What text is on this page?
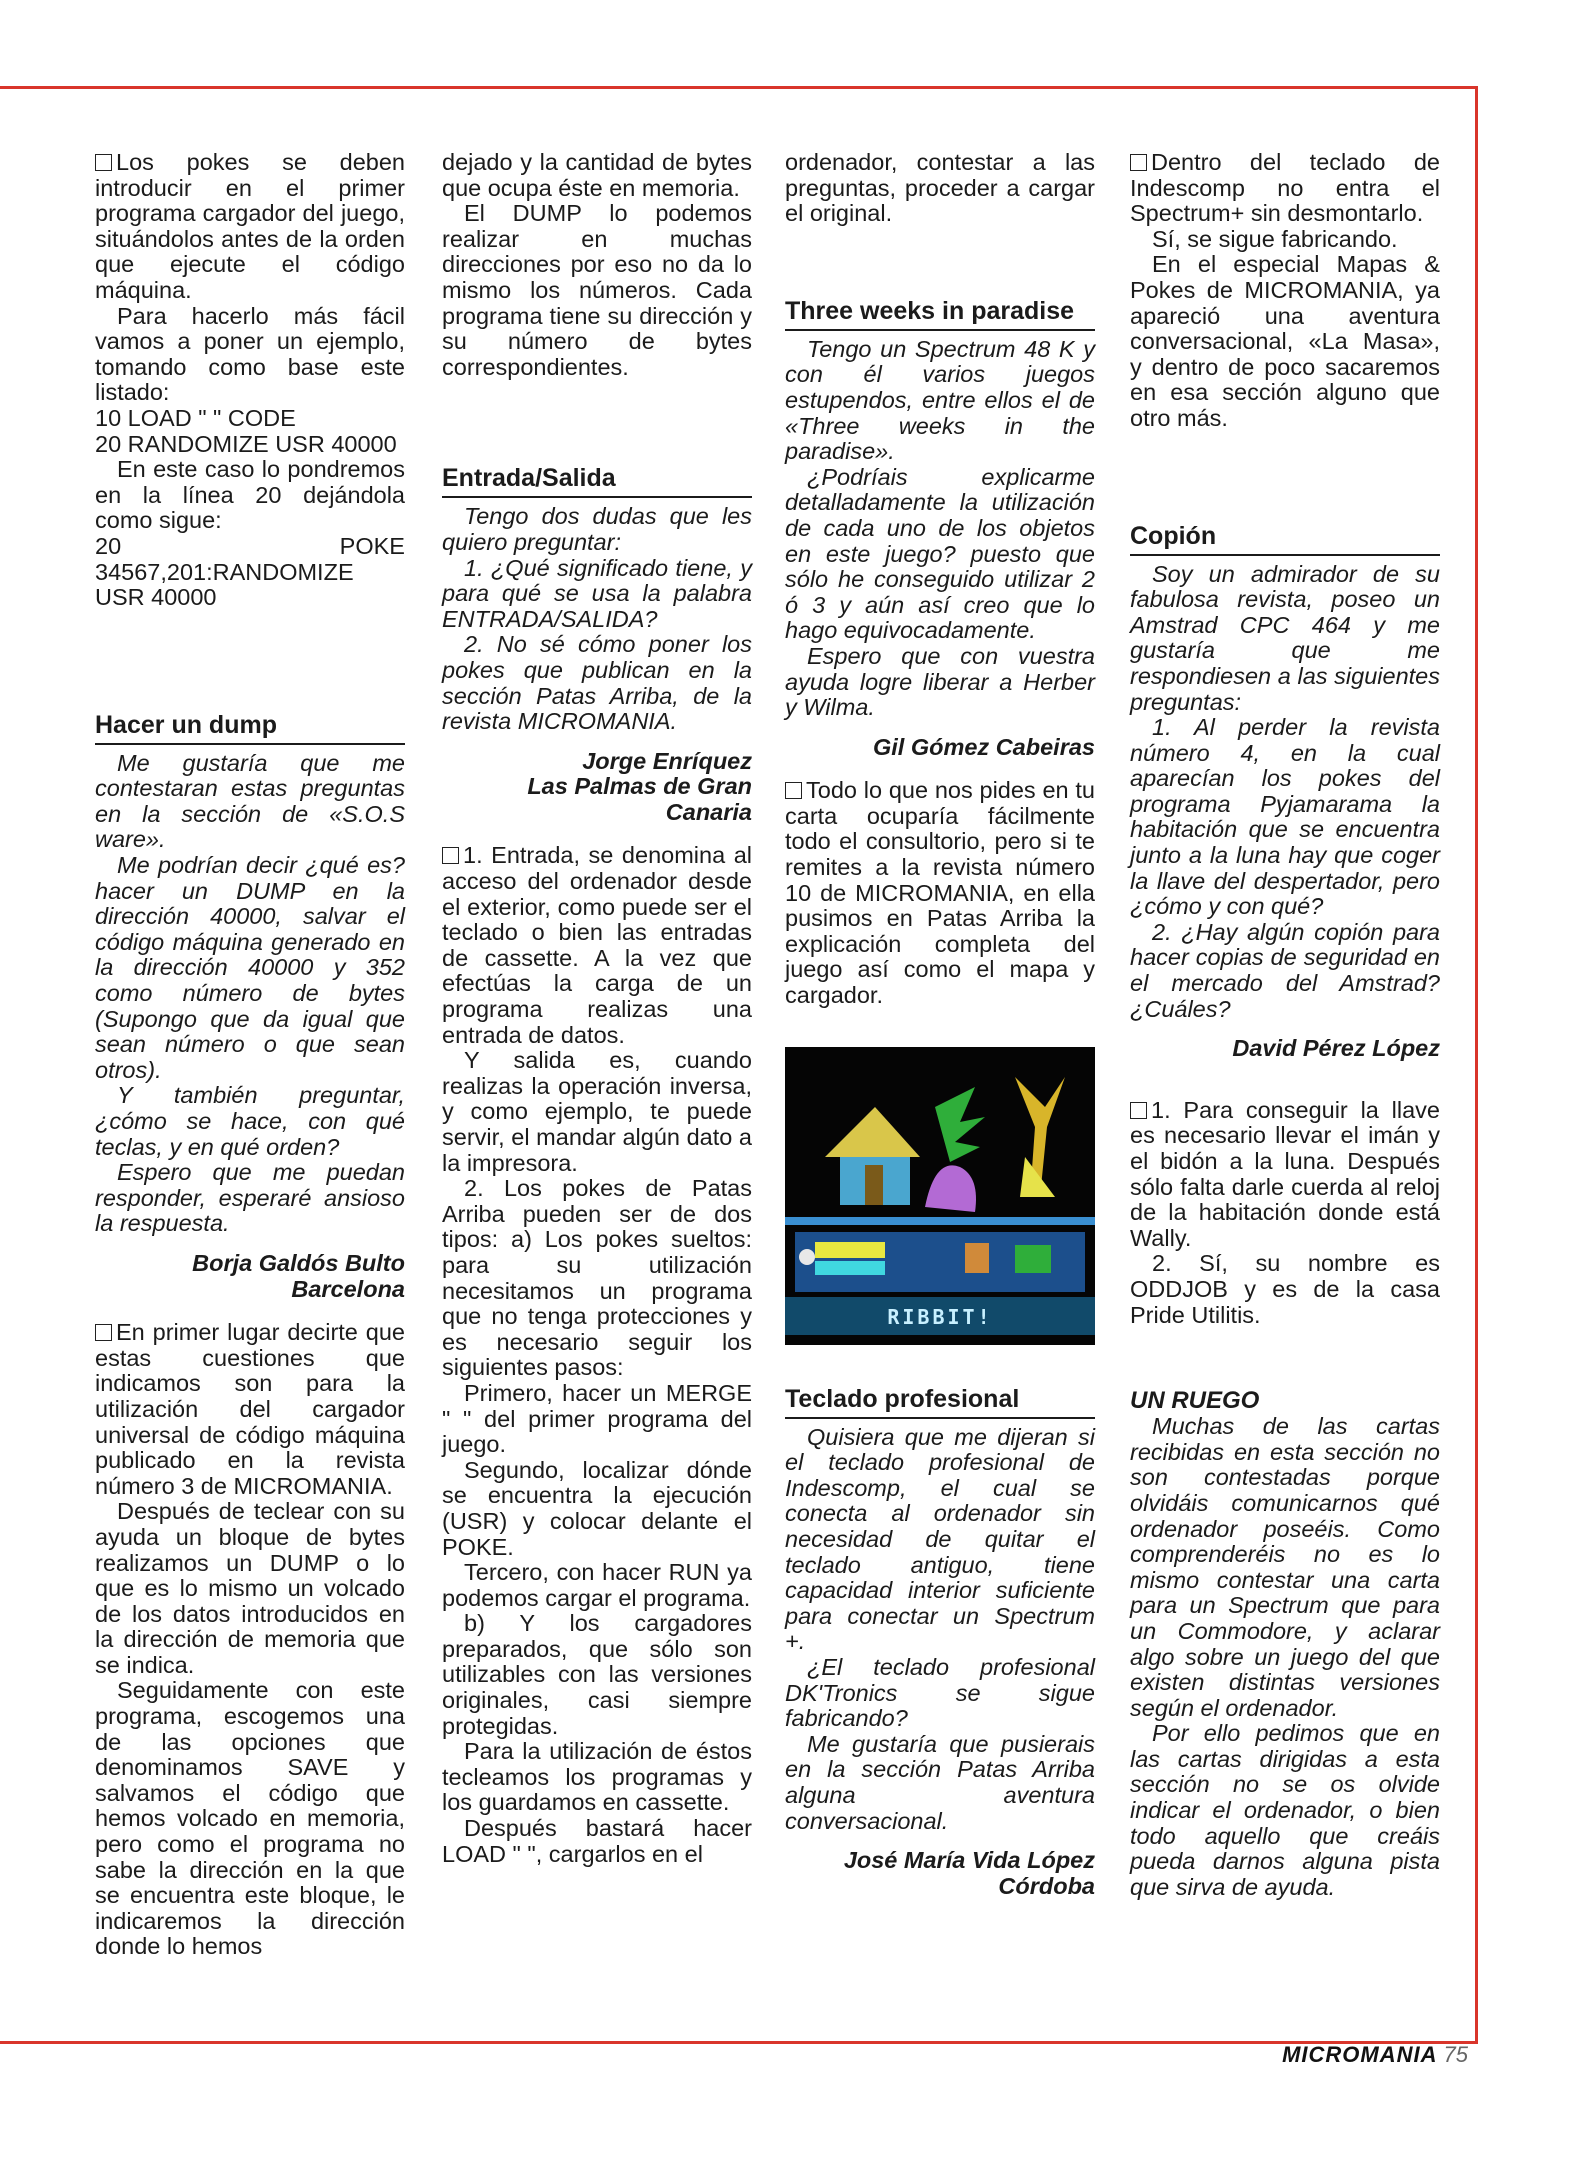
Los pokes se deben introducir en el primer programa cargador del juego, situándolos antes de la orden que ejecute el código máquina.

Para hacerlo más fácil vamos a poner un ejemplo, tomando como base este listado:

10 LOAD " " CODE

20 RANDOMIZE USR 40000

En este caso lo pondremos en la línea 20 dejándola como sigue:

20 POKE 34567,201:RANDOMIZE USR 40000

Hacer un dump

Me gustaría que me contestaran estas preguntas en la sección de «S.O.S ware».

Me podrían decir ¿qué es? hacer un DUMP en la dirección 40000, salvar el código máquina generado en la dirección 40000 y 352 como número de bytes (Supongo que da igual que sean número o que sean otros).

Y también preguntar, ¿cómo se hace, con qué teclas, y en qué orden?

Espero que me puedan responder, esperaré ansioso la respuesta.

Borja Galdós Bulto
Barcelona

En primer lugar decirte que estas cuestiones que indicamos son para la utilización del cargador universal de código máquina publicado en la revista número 3 de MICROMANIA.

Después de teclear con su ayuda un bloque de bytes realizamos un DUMP o lo que es lo mismo un volcado de los datos introducidos en la dirección de memoria que se indica.

Seguidamente con este programa, escogemos una de las opciones que denominamos SAVE y salvamos el código que hemos volcado en memoria, pero como el programa no sabe la dirección en la que se encuentra este bloque, le indicaremos la dirección donde lo hemos

dejado y la cantidad de bytes que ocupa éste en memoria.

El DUMP lo podemos realizar en muchas direcciones por eso no da lo mismo los números. Cada programa tiene su dirección y su número de bytes correspondientes.

Entrada/Salida

Tengo dos dudas que les quiero preguntar:

1. ¿Qué significado tiene, y para qué se usa la palabra ENTRADA/SALIDA?

2. No sé cómo poner los pokes que publican en la sección Patas Arriba, de la revista MICROMANIA.

Jorge Enríquez
Las Palmas de Gran Canaria

1. Entrada, se denomina al acceso del ordenador desde el exterior, como puede ser el teclado o bien las entradas de cassette. A la vez que efectúas la carga de un programa realizas una entrada de datos.

Y salida es, cuando realizas la operación inversa, y como ejemplo, te puede servir, el mandar algún dato a la impresora.

2. Los pokes de Patas Arriba pueden ser de dos tipos: a) Los pokes sueltos: para su utilización necesitamos un programa que no tenga protecciones y es necesario seguir los siguientes pasos:

Primero, hacer un MERGE " " del primer programa del juego.

Segundo, localizar dónde se encuentra la ejecución (USR) y colocar delante el POKE.

Tercero, con hacer RUN ya podemos cargar el programa.

b) Y los cargadores preparados, que sólo son utilizables con las versiones originales, casi siempre protegidas.

Para la utilización de éstos tecleamos los programas y los guardamos en cassette.

Después bastará hacer LOAD " ", cargarlos en el

ordenador, contestar a las preguntas, proceder a cargar el original.

Three weeks in paradise

Tengo un Spectrum 48 K y con él varios juegos estupendos, entre ellos el de «Three weeks in the paradise».

¿Podríais explicarme detalladamente la utilización de cada uno de los objetos en este juego? puesto que sólo he conseguido utilizar 2 ó 3 y aún así creo que lo hago equivocadamente.

Espero que con vuestra ayuda logre liberar a Herber y Wilma.

Gil Gómez Cabeiras

Todo lo que nos pides en tu carta ocuparía fácilmente todo el consultorio, pero si te remites a la revista número 10 de MICROMANIA, en ella pusimos en Patas Arriba la explicación completa del juego así como el mapa y cargador.

RIBBIT!
Teclado profesional

Quisiera que me dijeran si el teclado profesional de Indescomp, el cual se conecta al ordenador sin necesidad de quitar el teclado antiguo, tiene capacidad interior suficiente para conectar un Spectrum +.

¿El teclado profesional DK'Tronics se sigue fabricando?

Me gustaría que pusierais en la sección Patas Arriba alguna aventura conversacional.

José María Vida López
Córdoba

Dentro del teclado de Indescomp no entra el Spectrum+ sin desmontarlo.

Sí, se sigue fabricando.

En el especial Mapas & Pokes de MICROMANIA, ya apareció una aventura conversacional, «La Masa», y dentro de poco sacaremos en esa sección alguno que otro más.

Copión

Soy un admirador de su fabulosa revista, poseo un Amstrad CPC 464 y me gustaría que me respondiesen a las siguientes preguntas:

1. Al perder la revista número 4, en la cual aparecían los pokes del programa Pyjamarama la habitación que se encuentra junto a la luna hay que coger la llave del despertador, pero ¿cómo y con qué?

2. ¿Hay algún copión para hacer copias de seguridad en el mercado del Amstrad? ¿Cuáles?

David Pérez López

1. Para conseguir la llave es necesario llevar el imán y el bidón a la luna. Después sólo falta darle cuerda al reloj de la habitación donde está Wally.

2. Sí, su nombre es ODDJOB y es de la casa Pride Utilitis.

UN RUEGO

Muchas de las cartas recibidas en esta sección no son contestadas porque olvidáis comunicarnos qué ordenador poseéis. Como comprenderéis no es lo mismo contestar una carta para un Spectrum que para un Commodore, y aclarar algo sobre un juego del que existen distintas versiones según el ordenador.

Por ello pedimos que en las cartas dirigidas a esta sección no se os olvide indicar el ordenador, o bien todo aquello que creáis pueda darnos alguna pista que sirva de ayuda.

MICROMANIA 75
